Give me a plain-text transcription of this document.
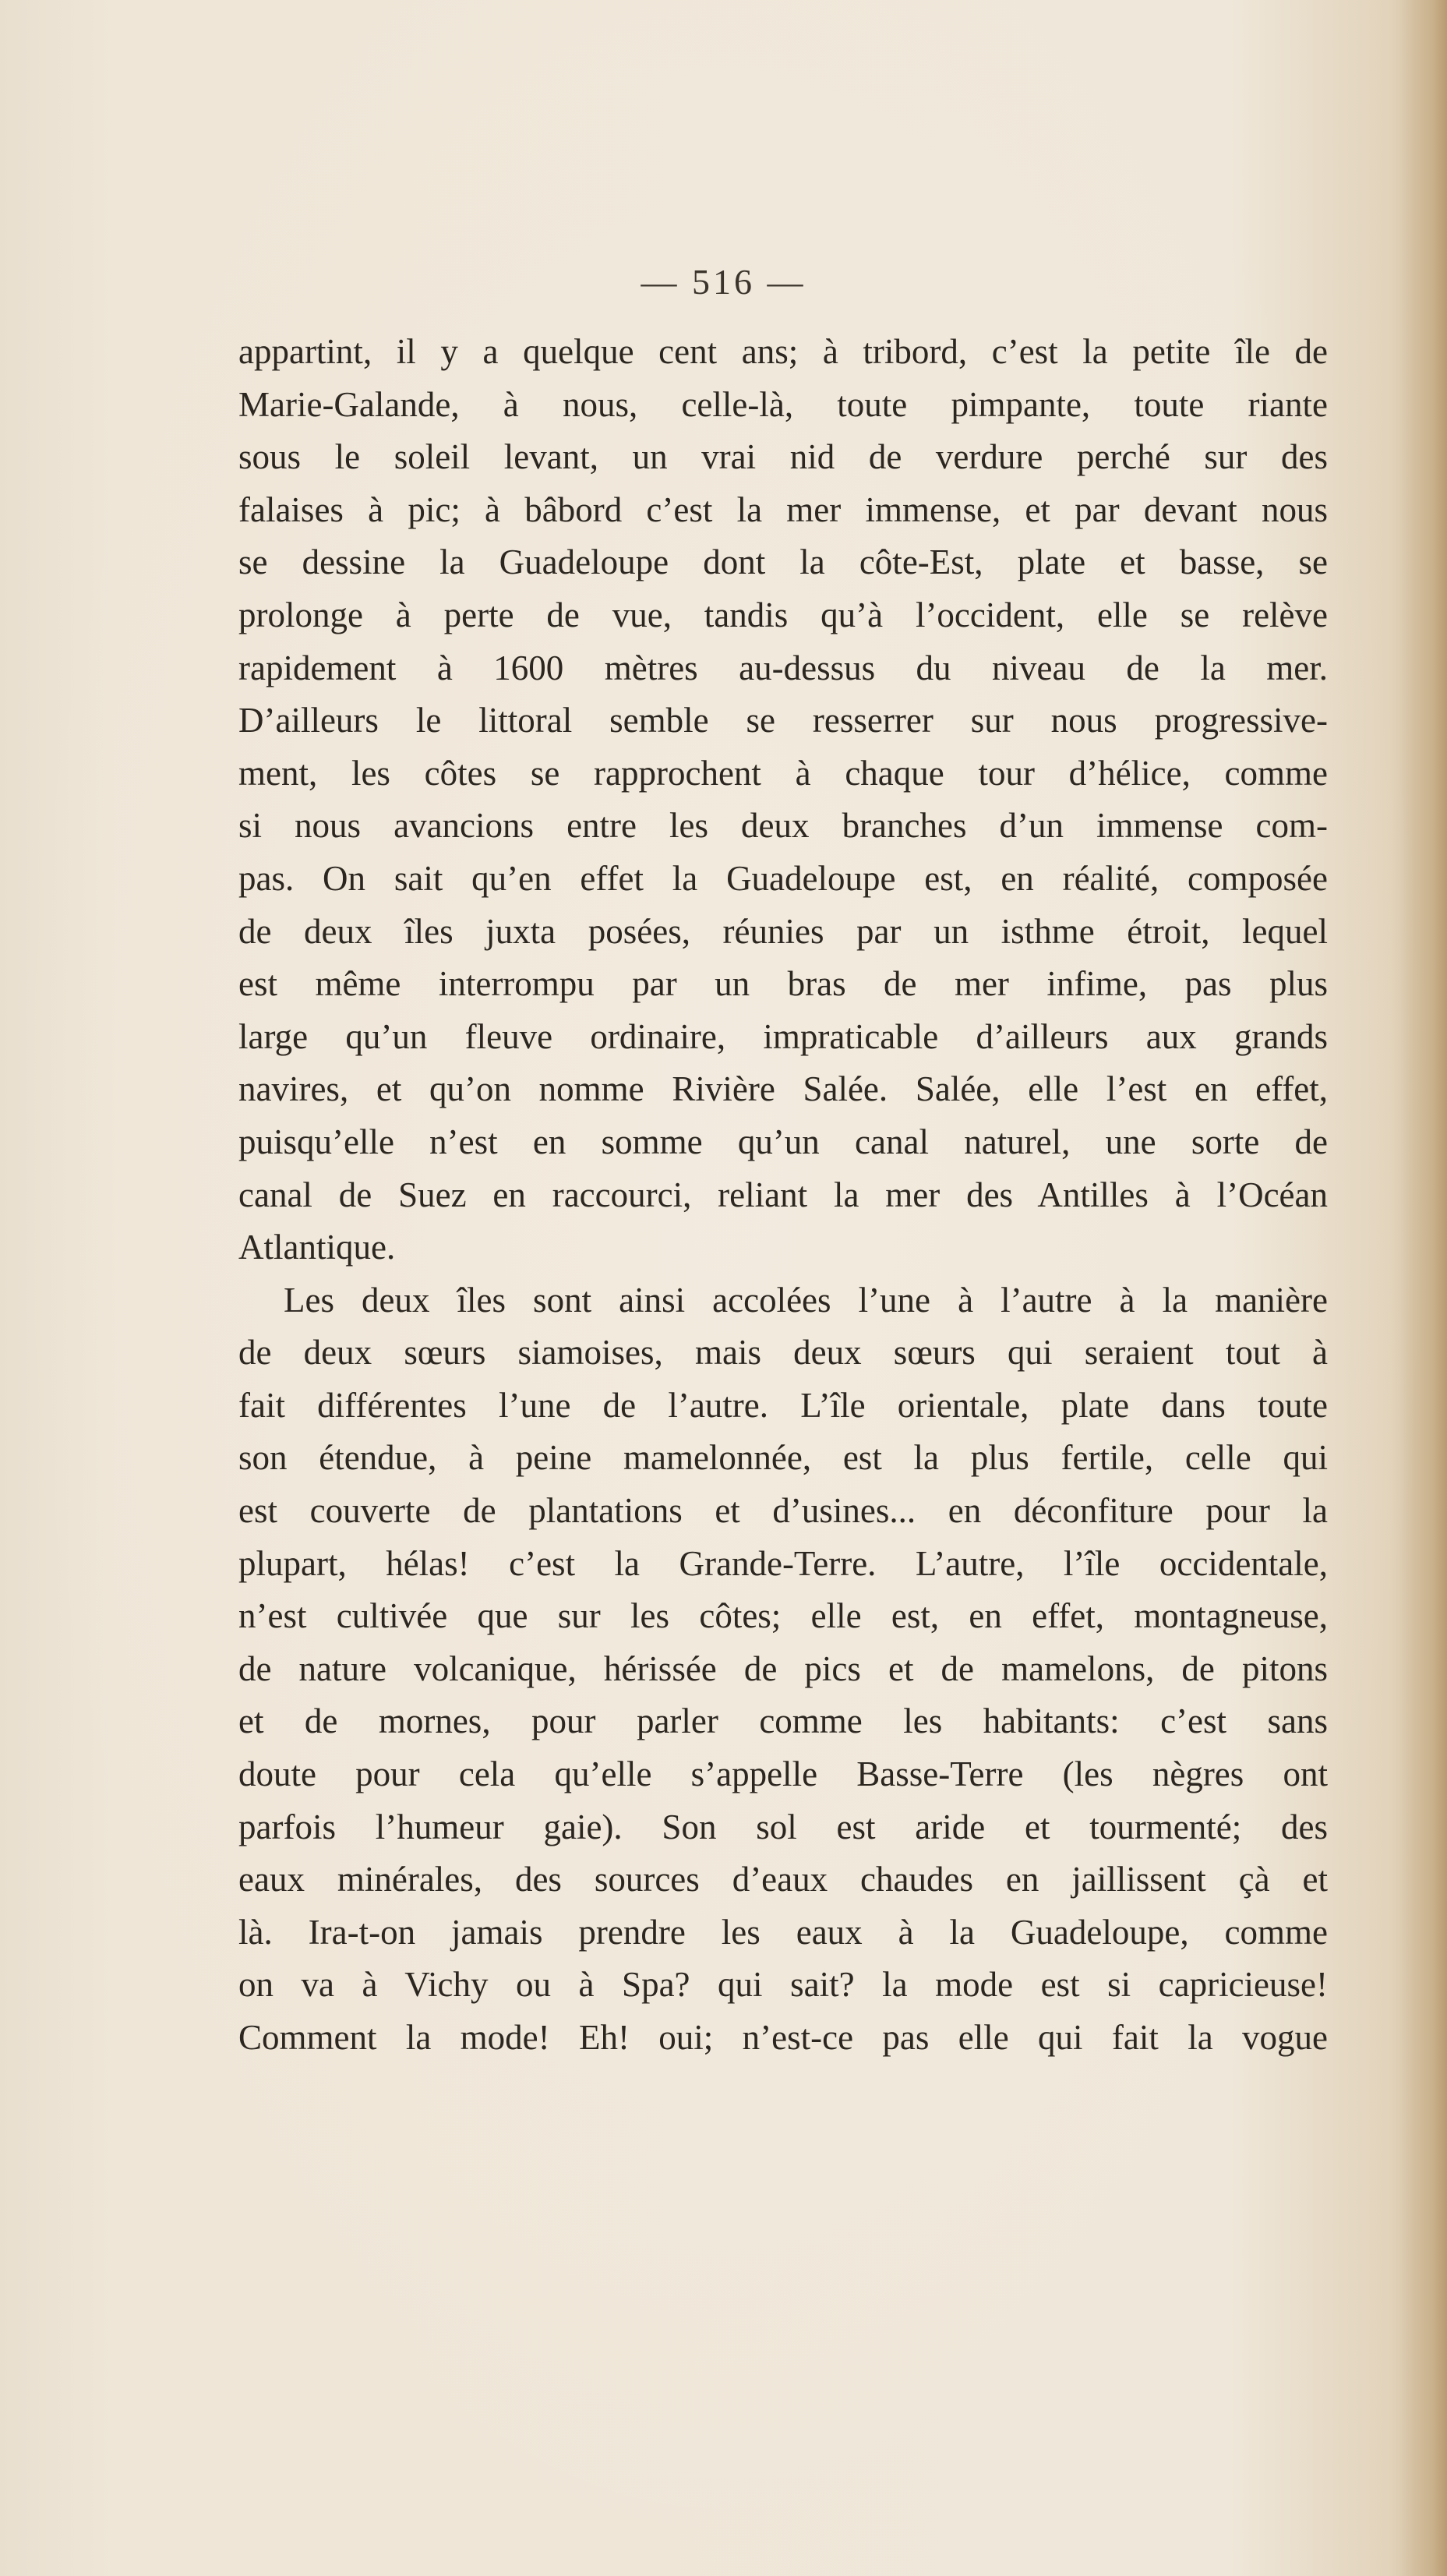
— 516 —
appartint, il y a quelque cent ans; à tribord, c’est la petite île de
Marie-Galande, à nous, celle-là, toute pimpante, toute riante
sous le soleil levant, un vrai nid de verdure perché sur des
falaises à pic; à bâbord c’est la mer immense, et par devant nous
se dessine la Guadeloupe dont la côte-Est, plate et basse, se
prolonge à perte de vue, tandis qu’à l’occident, elle se relève
rapidement à 1600 mètres au-dessus du niveau de la mer.
D’ailleurs le littoral semble se resserrer sur nous progressive-
ment, les côtes se rapprochent à chaque tour d’hélice, comme
si nous avancions entre les deux branches d’un immense com-
pas. On sait qu’en effet la Guadeloupe est, en réalité, composée
de deux îles juxta posées, réunies par un isthme étroit, lequel
est même interrompu par un bras de mer infime, pas plus
large qu’un fleuve ordinaire, impraticable d’ailleurs aux grands
navires, et qu’on nomme Rivière Salée. Salée, elle l’est en effet,
puisqu’elle n’est en somme qu’un canal naturel, une sorte de
canal de Suez en raccourci, reliant la mer des Antilles à l’Océan
Atlantique.
Les deux îles sont ainsi accolées l’une à l’autre à la manière
de deux sœurs siamoises, mais deux sœurs qui seraient tout à
fait différentes l’une de l’autre. L’île orientale, plate dans toute
son étendue, à peine mamelonnée, est la plus fertile, celle qui
est couverte de plantations et d’usines... en déconfiture pour la
plupart, hélas! c’est la Grande-Terre. L’autre, l’île occidentale,
n’est cultivée que sur les côtes; elle est, en effet, montagneuse,
de nature volcanique, hérissée de pics et de mamelons, de pitons
et de mornes, pour parler comme les habitants: c’est sans
doute pour cela qu’elle s’appelle Basse-Terre (les nègres ont
parfois l’humeur gaie). Son sol est aride et tourmenté; des
eaux minérales, des sources d’eaux chaudes en jaillissent çà et
là. Ira-t-on jamais prendre les eaux à la Guadeloupe, comme
on va à Vichy ou à Spa? qui sait? la mode est si capricieuse!
Comment la mode! Eh! oui; n’est-ce pas elle qui fait la vogue
